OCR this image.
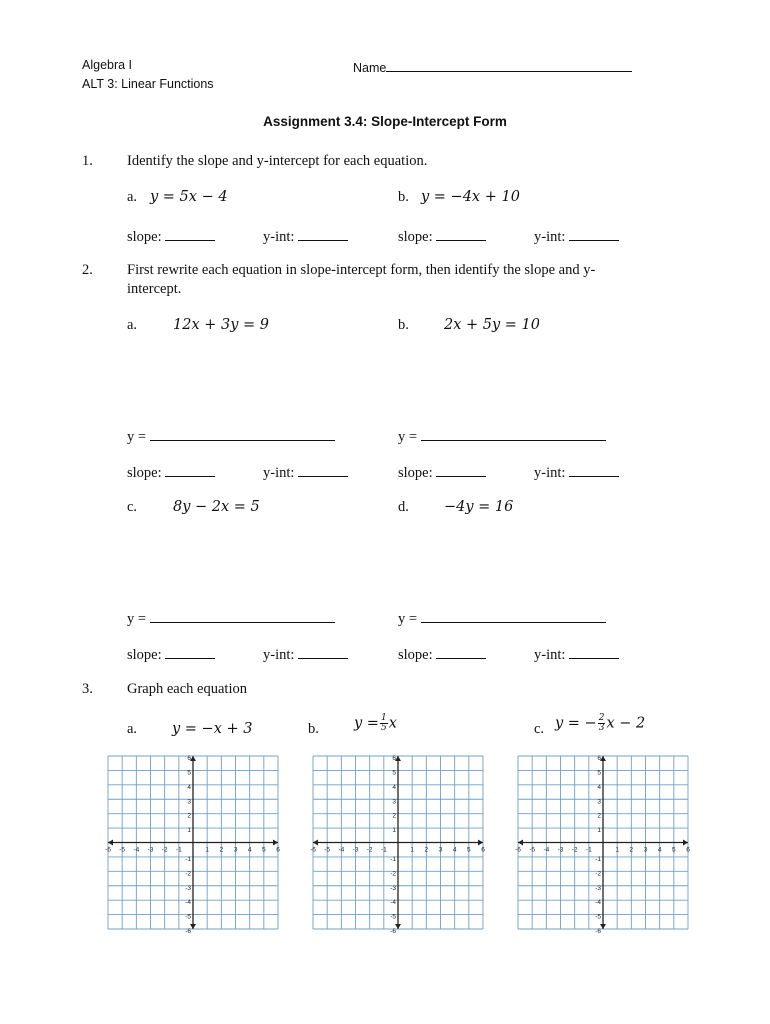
Algebra I
ALT 3: Linear Functions
Name
Assignment 3.4: Slope-Intercept Form
1. Identify the slope and y-intercept for each equation.
a. y = 5x − 4	b. y = −4x + 10
slope:	y-int:	slope:	y-int:
2. First rewrite each equation in slope-intercept form, then identify the slope and y-
intercept.
a. 12x + 3y = 9	b. 2x + 5y = 10
y =	y =
slope:	y-int:	slope:	y-int:
c. 8y − 2x = 5	d. −4y = 16
y =	y =
slope:	y-int:	slope:	y-int:
3. Graph each equation
a. y = −x + 3	b. $y = \frac{1}{5}$ x	c. y = − $\frac{2}{3}$ x − 2
-6 -5 -4 -3 -2 -1	1 2 3 4 5 6
6
5
4
3
2
1
-1
-2
-3
-4
-5
-6
-6 -5 -4 -3 -2 -1	1 2 3 4 5 6
6
5
4
3
2
1
-1
-2
-3
-4
-5
-6
-6 -5 -4 -3 -2 -1	1 2 3 4 5 6
6
5
4
3
2
1
-1
-2
-3
-4
-5
-6
